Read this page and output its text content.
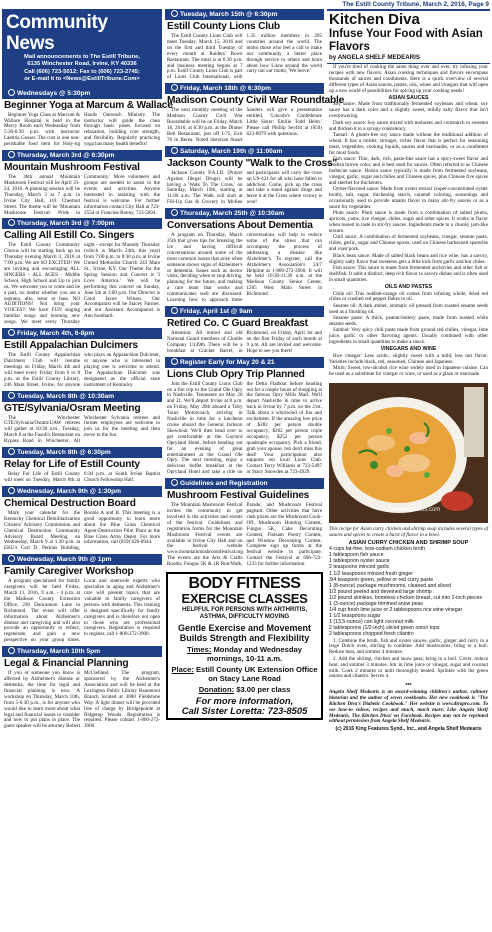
The Estill County Tribune, March 2, 2016, Page 9
Community News
Mail announcements to The Estill Tribune,
6135 Winchester Road, Irvine, KY 40336
Call (606) 723-5012; Fax to (606) 723-2745;
or E-mail it to <News@EstillTribune.Com>
Wednesdays @ 5:30pm
Beginner Yoga at Marcum & Wallace

Beginner Yoga Class at Marcum & Wallace Hospital is held in the Mercy Room each Wednesday from 5:30-6:30 p.m. with instructor Laetitia Gosser. The cost is one non-perishable food item for Holy-ng Hands Outreach Ministry. The instructor will guide the class through basic poses focused on relaxation, building core strength, and flexibility. Regularly practicing yoga has many health benefits!

Thursday, March 3rd @ 6:30pm
Mountain Mushroom Festival

The 36th annual Mountain Mushroom Festival will be April 23-24, 2016. A planning session will be Thursday, March 3 at 7 p.m. in Irvine City Hall, 101 Chestnut Street. The theme will be 'Mountain Mushroom Festival: Pride in Community.' More volunteers and groups are needed to assist in the events and activities. Anyone interested in assisting with the festival is welcome. For further information contact City Hall at 723-2554 or Francine Bonny, 723-5694.

Thursday, March 3rd @ 7:00pm
Calling All Estill Co. Singers

The Estill County Community Chorus will be starting back up on Thursday evening March 3, 2016 at 7:00 p.m. We are SO EXCITED! We are inviting and encouraging ALL SINGERS - ALL AGES - Middle School, High School and Up to join us. We welcome you to come and be a part, no matter whether you are a soprano, alto, tenor or bass. NO AUDITIONS! Not bring your VOICES!! We have FUN singing familiar songs and learning new songs. We meet every Thursday night - except for Maundy Thursday (which is March 24th, this year) from 7:00 p.m. to 8:30 p.m. at Irvine United Methodist Church 243 Main St., Irvine, KY. Our Theme for the Spring Session and Concert is 'I Love America.' We will be performing this concert on Sunday, June 5th at 3:00 p.m. Our Director is Carol Jayne Wilson. Our Accompanist will be Stacey Farmer, and our Assistant Accompanist is Ann Southard.

Friday, March 4th, 6-8pm
Estill Appalachian Dulcimers

The Estill County Appalachian Dulcimers Club will resume meetings on Friday, March 4th and will meet every Friday from 6 to 8 p.m. at the Estill County Library, 246 Main Street, Irvine, for anyone who plays an Appalachian Dulcimer, or anyone who is interested in playing one is welcome to attend. The Appalachian Dulcimer was designated as the official state instrument of Kentucky.

Tuesday, March 8th @ 10:30am
GTE/Sylvania/Osram Meeting

The Winchester GTE/Sylvania/Osram/UAW retirees will gather at 10:30 a.m., Tuesday, March 8 at the Fazoli's Restaurant on Bypass Road in Winchester. All Winchester Sylvania retirees and former employees are welcome to join us for the meeting and then move to the fun.

Tuesday, March 8th @ 6:30pm
Relay for Life of Estill County

Relay For Life of Estill County will meet on Tuesday, March 8th at 6:30 p.m. at South Irvine Baptist Church Fellowship Hall.

Wednesday, March 9th @ 1:30pm
Chemical Destruction Board

Mark your calendar for the Kentucky Chemical Demilitarization Citizens' Advisory Commission and Chemical Destruction Community Advisory Board Meeting on Wednesday, March 9 at 1:30 p.m. at EKU's Carl D. Perkins Building, Rooms A and B. This meeting is a good opportunity to learn more about the Blue Grass Chemical Agent-Destruction Pilot Plant at the Blue Grass Army Depot. For more information, call (859) 626-8944.

Wednesday, March 9th @ 1pm
Family Caregiver Workshop

A program specialized for family caregivers will be held Friday, March 11, 2016, 9 a.m. - 4 p.m. at the Madison County Extension Office, 230 Duncannon Lane in Richmond. The event will offer information about Alzheimer's disease and caregiving and will also provide an opportunity to reflect, regenerate, and gain a new perspective on your group times. Local and statewide experts who specialize in aging and Alzheimer's care will present topics that are valuable to family caregivers of persons with dementia. This training is designed specifically for family caregivers and is therefore not open to those who are professional caregivers. Registration is required to register, call 1-800-272-3900.

Thursday, March 10th 5pm
Legal & Financial Planning

If you or someone you know is affected by Alzheimer's disease or dementia, the time for legal and financial planning is now. A workshop on Thursday, March 10th, from 5-6:30 p.m., is for anyone who would like to learn more about what legal and financial issues to consider and how to put plans in place. The guest speaker will be attorney Robert McClelland. The program, sponsored by the Alzheimer's Association and will be held at the Lexington Public Library Beaumont Branch located at 3080 Fieldstone Way. A light dinner will be provided free of charge by Bridgepointe at Ridgetop Woods. Registration is required. Please contact 1-800-272-3900.

Tuesday, March 15th @ 6:30pm
Estill County Lions Club

The Estill County Lions Club will meet Tuesday, March 15, 2016 and on the first and third Tuesday of every month at Raiders' Rowe Restaurant. The meal is at 6:30 p.m. and business meeting begins at 7 p.m. Estill County Lions Club is part of Lions Club International, with 1.35 million members in 205 countries around the world. The motto those who feel a call to make our community a better place through service to others and learn about how Lions around the world carry out our motto, 'We Serve.'

Friday, March 18th @ 6:30pm
Madison County Civil War Roundtable

The next monthly meeting of the Madison County Civil War Roundtable will be on Friday, March 18, 2016, at 6:30 p.m. at the Dinner Bell Restaurant, just off I-75, Exit 76 in Berea. Noted historian Stuart Sanders will give a presentation entitled, 'Lincoln's Confederate Little Sister: Emilie Todd Helm.' Please call Phillip Seyfrit at (859) 623-8979 with questions.

Saturday, March 19th @ 11:00am
Jackson County "Walk to the Cross"

Jackson County P.A.I.D. (Prayer Against Illegal Drugs) will be having a 'Walk To The Cross,' on Saturday, March 19th, starting at 11:00 a.m. The Walk will start at Fill-Up Gas & Grocery in McKee and participants will carry the cross up US-421 for all who have fallen to addiction. Come, pick up the cross and take a stand against drugs and leave it at the Cross where victory is won!

Thursday, March 25th @ 10:30am
Conversations About Dementia

A program on Thursday, March 25th that gives tips for breaking the ice and having difficult conversations around some of the most common issues that arise when someone shows signs of Alzheimer's or dementia. Issues such as doctor visits, deciding when to stop driving, planning for the future, and making a care team that works and communicates well are discussed. Learning how to approach these conversations will help to reduce some of the stress that can accompany the process of addressing a disease like Alzheimer's. To register, call the Alzheimer's Association's 24/7 Helpline at 1-800-272-3900. It will be held 10:30-11:30 a.m. at the Madison County Senior Center, 1205 West Main Street in Richmond.

Friday, April 1st @ 9am
Retired Co. C Guard Breakfast

Attention: All retired and old National Guard members of Charlie Company 1/149th. There will be a breakfast at Cracker Barrel, in Richmond, on Friday, April 1st and on the first Friday of each month at 9 a.m. All are invited and welcome. Hope to see you there!

Register Early for May 20 & 21
Lions Club Opry Trip Planned

Join the Estill County Lions Club on a fun trip to the Grand Ole Opry in Nashville, Tennessee on May 20 and 21. We'll depart Irvine at 8 a.m. on Friday, May 20th aboard a Toby Tours Motorcoach, arriving in Nashville in time for a luncheon cruise aboard the General Jackson Showboat. We'll then head over to get comfortable at the Gaylord Opryland Hotel, before heading out for an evening of great entertainment at the Grand Ole Opry. The next morning, enjoy a delicious buffet breakfast at the Opryland Hotel and take a ride on the Delta Flatboat before heading out for a couple hours of shopping at the famous Opry Mills Mall. We'll depart Nashville in time to arrive back in Irvine by 7 p.m. on the 21st. Talk about a whirlwind of fun and excitement. If the amazing low price of $282 per person double occupancy; $262 per person triple occupancy; $252 per person quadruple occupancy. Pick a friend, grab your spouse, but don't miss this deal! Your participation also supports our local Lions Club. Contact Terry Williams at 723-5497 or Stacy Snowden at 723-4929.

Guidelines and Registration
Mushroom Festival Guidelines

The Mountain Mushroom Festival invites the community to get involved in the activities and events of the festival. Guidelines and registration forms for the Mountain Mushroom Festival events are available in Irvine City Hall and on the festival website www.mountainmushroomfestival.org. The events are the Arts & Crafts Booths, Fungus 5K & 1K Run/Walk, Parade, and Mushroom Festival pageant. Other activities that have cash prizes are the Mushroom Cook-Off, Mushroom Hunting Contest, Fungus 5K, Cake Decorating Contest, Flotsam Poetry Contest, and Window Decorating Contest. Complete sign up forms at the festival website to participate. Contact the Festival at 606-723-1233 for further information.

BODY FITNESS
EXERCISE CLASSES
HELPFUL FOR PERSONS WITH ARTHRITIS,
ASTHMA, DIFFICULTY MOVING
Gentle Exercise and Movement
Builds Strength and Flexibility
Times: Monday and Wednesday mornings, 10-11 a.m.
Place: Estill County UK Extension Office on Stacy Lane Road
Donation: $3.00 per class
For more information,
Call Sister Loretta: 723-8505
Kitchen Diva
Infuse Your Food with Asian Flavors
by ANGELA SHELF MEDEARIS

If you're tired of cooking the same thing over and over, try infusing your recipes with new flavors. Asian cooking techniques and flavors encompass thousands of sauces and condiments. Here is a quick overview of several different types of Asian sauces, pastes, oils, wines and vinegars that will open up a new world of possibilities for spicing up your cooking needs!

ASIAN SAUCES

Soy sauce: Made from traditionally fermented soybeans and wheat, soy sauce has a dark color and a slightly sweet, mildly salty flavor that isn't overpowering.

Dark soy sauce: Soy sauce mixed with molasses and cornstarch to sweeten and thicken it to a syrupy consistency.

Tamari: A gluten-free soy sauce made without the traditional addition of wheat. It has a milder, stronger, richer flavor that is perfect for seasoning meat, vegetables, cooking liquids, sauces and marinades, or as a condiment for most foods.

Fish sauce: Thin, dark, rich, paste-like sauce has a spicy-sweet flavor and reddish brown color, and is best used for sauces. Often referred to as Chinese barbecue sauce. Hoisin sauce typically is made from fermented soybeans, vinegar, garlic, sugar and chilies and Chinese spices, plus Chinese five spices and sherbet for thickeners.

Oyster-flavored sauce: Made from oyster extract (super-concentrated oyster broth), salt, sugar, thickening starch, caramel coloring, seasonings and occasionally used to provide umami flavor to many stir-fry sauces or as a sauce for vegetables.

Plum sauce: Plum sauce is made from a combination of salted plums, apricots, yams, rice vinegar, chiles, sugar and other spices. It works in flavor when tossed to taste in stir-fry sauces. Ingredients made to a chunky jam-like texture.

Chili sauce: A combination of fermented soybeans, vinegar, sesame paste, chiles, garlic, sugar and Chinese spices; used on Chinese barbecued spareribs and roast pork.

Black bean sauce: Made of salted black beans and rice wine, has a savory, slightly salty flavor that sweetens gets a little kick from garlic and hot chiles.

Fish sauce: This sauce is made from fermented anchovies and other fish or shellfish. It adds a distinct, deep rich flavor to savory dishes and is often used in small quantities.

OILS AND PASTES

Chile oil: This reddish-orange oil comes from infusing whole, dried red chiles or crushed red pepper flakes in oil.

Sesame oil: A dark amber, aromatic oil pressed from toasted sesame seeds used as a finishing oil.

Sesame paste: A thick, peanut-buttery paste, made from toasted white sesame seeds.

Sambal: Very spicy chili paste made from ground red chilies, vinegar, lime juice, garlic or other flavoring agents. Usually combined with other ingredients in small quantities to make a sauce.

VINEGARS AND WINE

Rice vinegar: Less acidic, slightly sweet with a mild, less tart flavor. Varieties include black, red, seasoned, Chinese and Japanese.

Mirin: Sweet, low-alcohol rice wine widely used in Japanese cuisine. Can be used as a substitute for vinegar or wine, or used as a glaze or marinade.

Depositphotos.com
This recipe for Asian curry chicken and shrimp soup includes several types of sauces and spices to create a burst of flavor in a bowl.
ASIAN CURRY CHICKEN AND SHRIMP SOUP
4 cups fat-free, less-sodium chicken broth
1 tablespoon fish sauce
1 tablespoon oyster sauce
2 teaspoons minced garlic
1 1/2 teaspoons minced fresh ginger
3/4 teaspoon green, yellow or red curry paste
1 (8-ounce) package mushrooms, cleaned and sliced
1/2 pound peeled and deveined large shrimp
1/2 pound skinless, boneless chicken breast, cut into 1-inch pieces
1 (3-ounce) package trimmed snow peas
1/4 cup fresh lime juice or 2 tablespoons rice wine vinegar
1 1/2 teaspoons sugar
1 (13.5-ounce) can light coconut milk
2 tablespoons (1/2-inch) sliced green onion tops
2 tablespoons chopped fresh cilantro

1. Combine the broth, fish and oyster sauces, garlic, ginger and curry in a large Dutch oven, stirring to combine. Add mushrooms; bring to a boil. Reduce heat, and simmer 4 minutes.

2. Add the shrimp, chicken and snow peas; bring to a boil. Cover, reduce heat, and simmer 3 minutes. Stir in lime juice or vinegar, sugar and coconut milk. Cook 2 minutes or until thoroughly heated. Sprinkle with the green onions and cilantro. Serves 4.

***
Angela Shelf Medearis is an award-winning children's author, culinary historian and the author of seven cookbooks. Her new cookbook is "The Kitchen Diva's Diabetic Cookbook." Her website is www.divapro.com. To see how-to videos, recipes and much, much more, Like Angela Shelf Medearis, The Kitchen Diva! on Facebook. Recipes may not be reprinted without permission from Angela Shelf Medearis.
(c) 2016 King Features Synd., Inc., and Angela Shelf Medearis
